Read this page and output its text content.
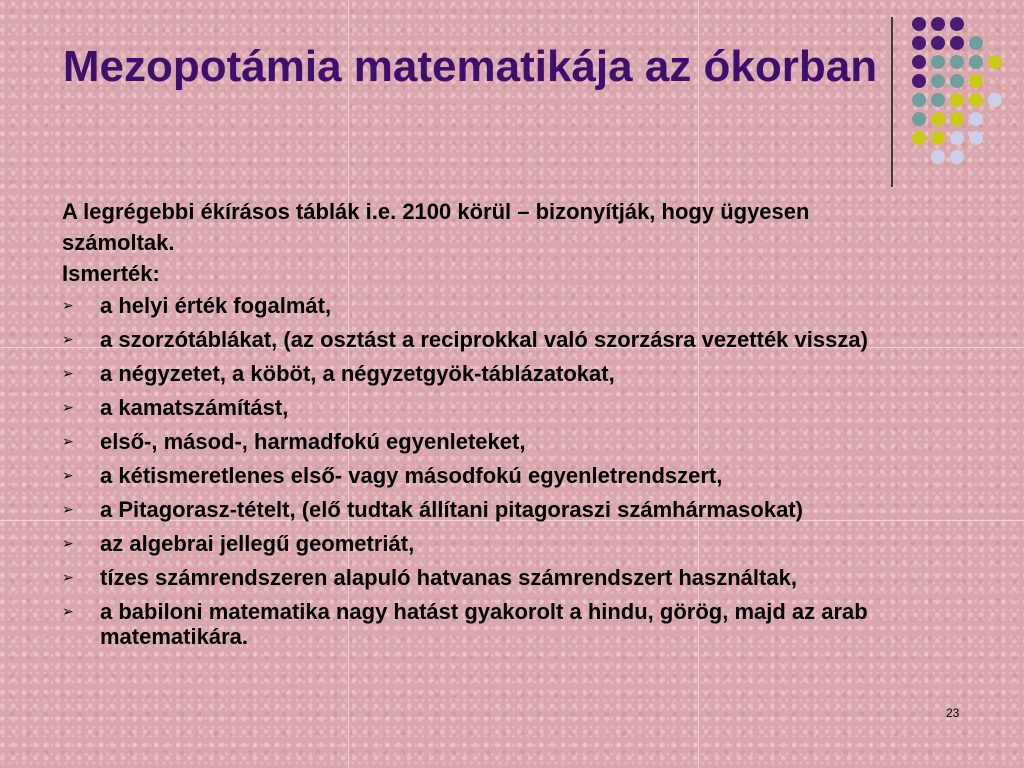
Mezopotámia matematikája az ókorban

A legrégebbi ékírásos táblák i.e. 2100 körül – bizonyítják, hogy ügyesen számoltak.

Ismerték:

➢ a helyi érték fogalmát,
➢ a szorzótáblákat, (az osztást a reciprokkal való szorzásra vezették vissza)
➢ a négyzetet, a köböt, a négyzetgyök-táblázatokat,
➢ a kamatszámítást,
➢ első-, másod-, harmadfokú egyenleteket,
➢ a kétismeretlenes első- vagy másodfokú egyenletrendszert,
➢ a Pitagorasz-tételt, (elő tudtak állítani pitagoraszi számhármasokat)
➢ az algebrai jellegű geometriát,
➢ tízes számrendszeren alapuló hatvanas számrendszert használtak,
➢ a babiloni matematika nagy hatást gyakorolt a hindu, görög, majd az arab matematikára.
23
